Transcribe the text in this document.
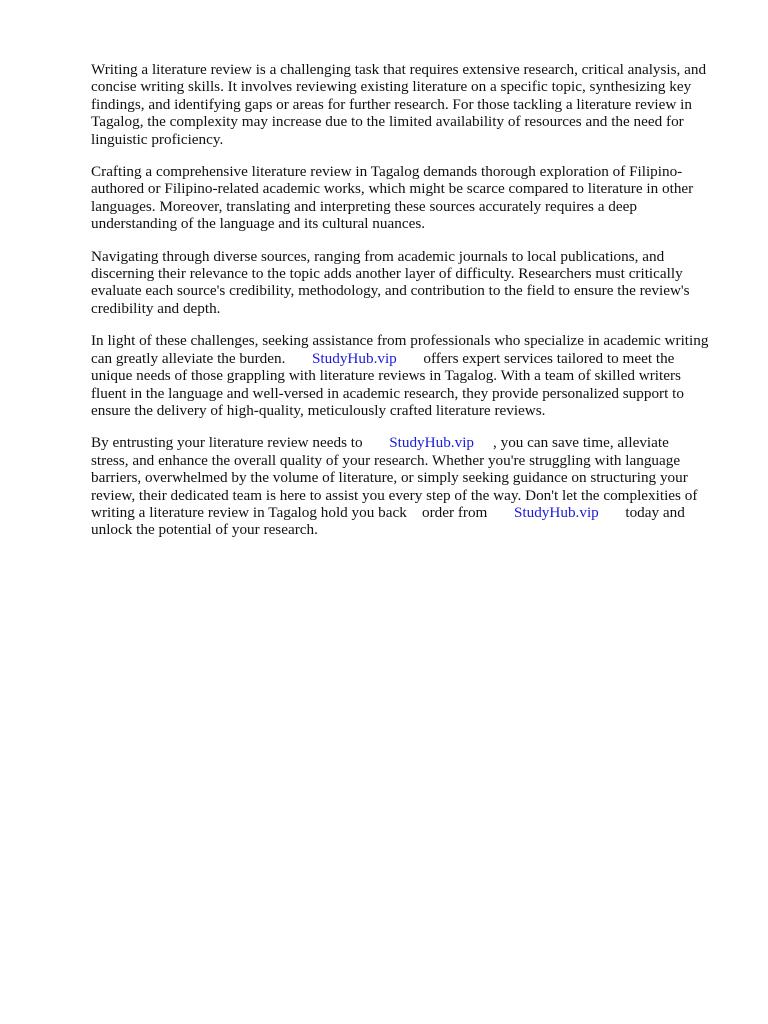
Writing a literature review is a challenging task that requires extensive research, critical analysis, and
concise writing skills. It involves reviewing existing literature on a specific topic, synthesizing key
findings, and identifying gaps or areas for further research. For those tackling a literature review in
Tagalog, the complexity may increase due to the limited availability of resources and the need for
linguistic proficiency.

Crafting a comprehensive literature review in Tagalog demands thorough exploration of Filipino-
authored or Filipino-related academic works, which might be scarce compared to literature in other
languages. Moreover, translating and interpreting these sources accurately requires a deep
understanding of the language and its cultural nuances.

Navigating through diverse sources, ranging from academic journals to local publications, and
discerning their relevance to the topic adds another layer of difficulty. Researchers must critically
evaluate each source's credibility, methodology, and contribution to the field to ensure the review's
credibility and depth.

In light of these challenges, seeking assistance from professionals who specialize in academic writing
can greatly alleviate the burden. StudyHub.vip offers expert services tailored to meet the
unique needs of those grappling with literature reviews in Tagalog. With a team of skilled writers
fluent in the language and well-versed in academic research, they provide personalized support to
ensure the delivery of high-quality, meticulously crafted literature reviews.

By entrusting your literature review needs to StudyHub.vip , you can save time, alleviate
stress, and enhance the overall quality of your research. Whether you're struggling with language
barriers, overwhelmed by the volume of literature, or simply seeking guidance on structuring your
review, their dedicated team is here to assist you every step of the way. Don't let the complexities of
writing a literature review in Tagalog hold you back order from StudyHub.vip today and
unlock the potential of your research.
